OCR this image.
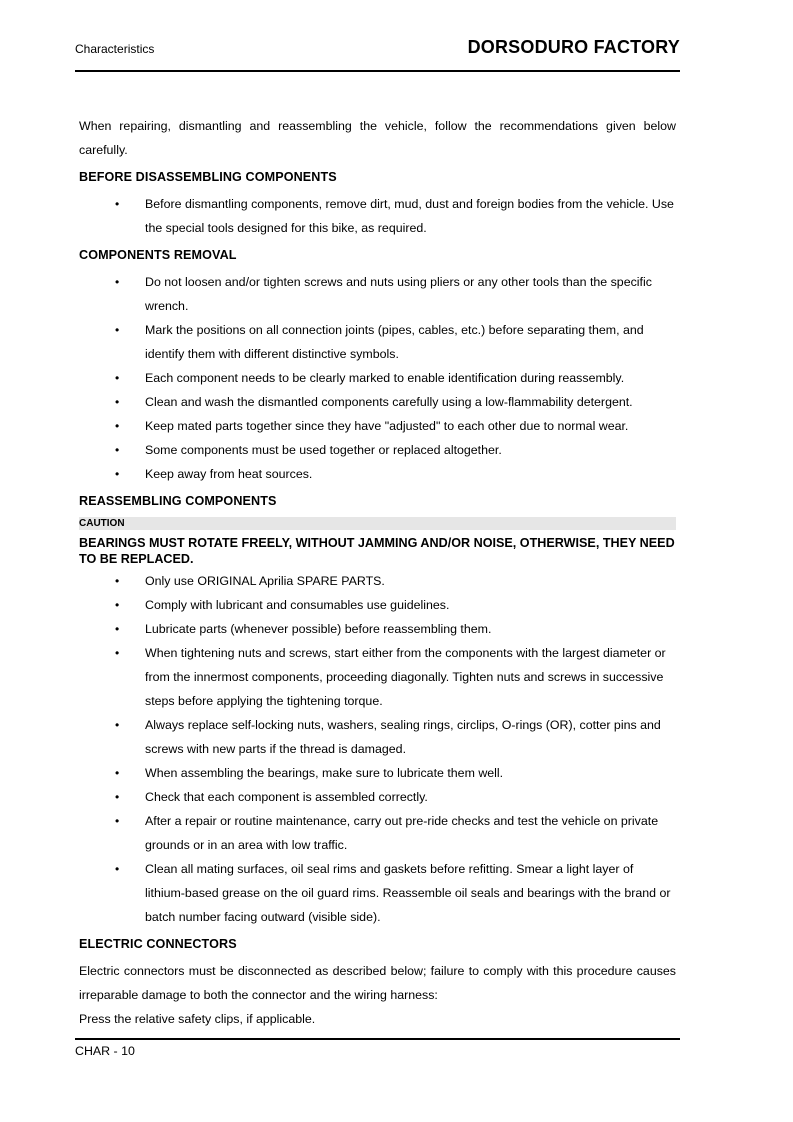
Characteristics	DORSODURO FACTORY

When repairing, dismantling and reassembling the vehicle, follow the recommendations given below carefully.

BEFORE DISASSEMBLING COMPONENTS
• Before dismantling components, remove dirt, mud, dust and foreign bodies from the vehicle. Use the special tools designed for this bike, as required.
COMPONENTS REMOVAL
• Do not loosen and/or tighten screws and nuts using pliers or any other tools than the specific wrench.
• Mark the positions on all connection joints (pipes, cables, etc.) before separating them, and identify them with different distinctive symbols.
• Each component needs to be clearly marked to enable identification during reassembly.
• Clean and wash the dismantled components carefully using a low-flammability detergent.
• Keep mated parts together since they have "adjusted" to each other due to normal wear.
• Some components must be used together or replaced altogether.
• Keep away from heat sources.
REASSEMBLING COMPONENTS
CAUTION
BEARINGS MUST ROTATE FREELY, WITHOUT JAMMING AND/OR NOISE, OTHERWISE, THEY NEED TO BE REPLACED.
• Only use ORIGINAL Aprilia SPARE PARTS.
• Comply with lubricant and consumables use guidelines.
• Lubricate parts (whenever possible) before reassembling them.
• When tightening nuts and screws, start either from the components with the largest diameter or from the innermost components, proceeding diagonally. Tighten nuts and screws in successive steps before applying the tightening torque.
• Always replace self-locking nuts, washers, sealing rings, circlips, O-rings (OR), cotter pins and screws with new parts if the thread is damaged.
• When assembling the bearings, make sure to lubricate them well.
• Check that each component is assembled correctly.
• After a repair or routine maintenance, carry out pre-ride checks and test the vehicle on private grounds or in an area with low traffic.
• Clean all mating surfaces, oil seal rims and gaskets before refitting. Smear a light layer of lithium-based grease on the oil guard rims. Reassemble oil seals and bearings with the brand or batch number facing outward (visible side).
ELECTRIC CONNECTORS

Electric connectors must be disconnected as described below; failure to comply with this procedure causes irreparable damage to both the connector and the wiring harness:

Press the relative safety clips, if applicable.

CHAR - 10
